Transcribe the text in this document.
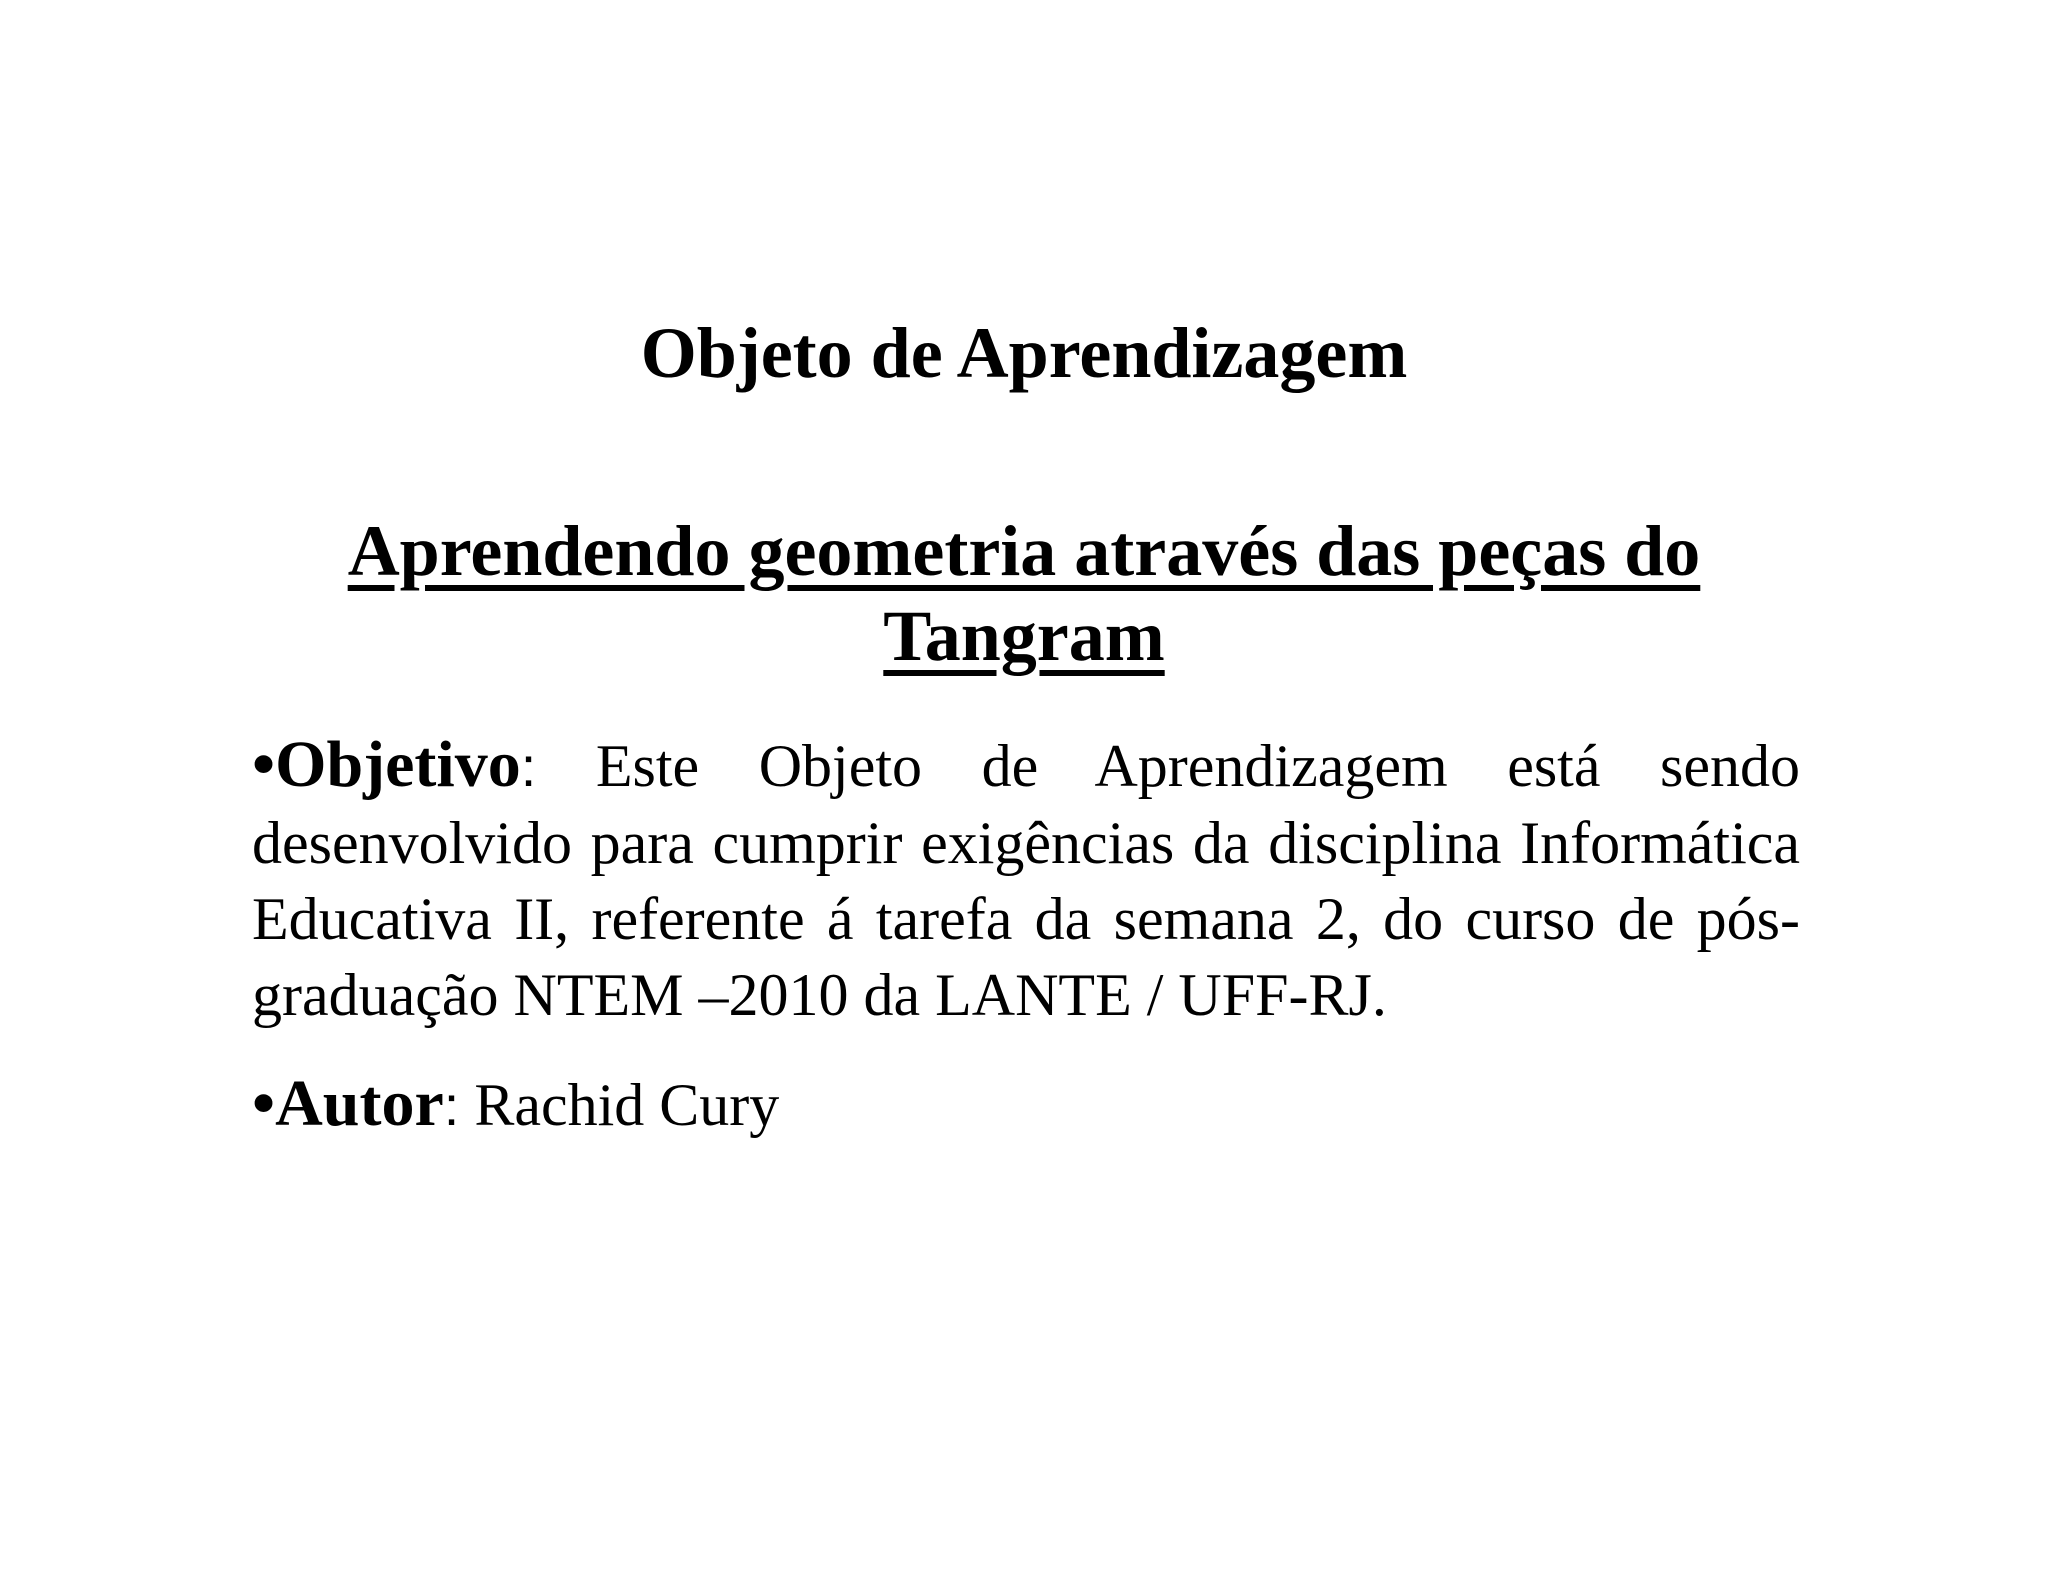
Objeto de Aprendizagem
Aprendendo geometria através das peças do Tangram

•Objetivo: Este Objeto de Aprendizagem está sendo desenvolvido para cumprir exigências da disciplina Informática Educativa II, referente á tarefa da semana 2, do curso de pós-graduação NTEM –2010 da LANTE / UFF-RJ.

•Autor: Rachid Cury
